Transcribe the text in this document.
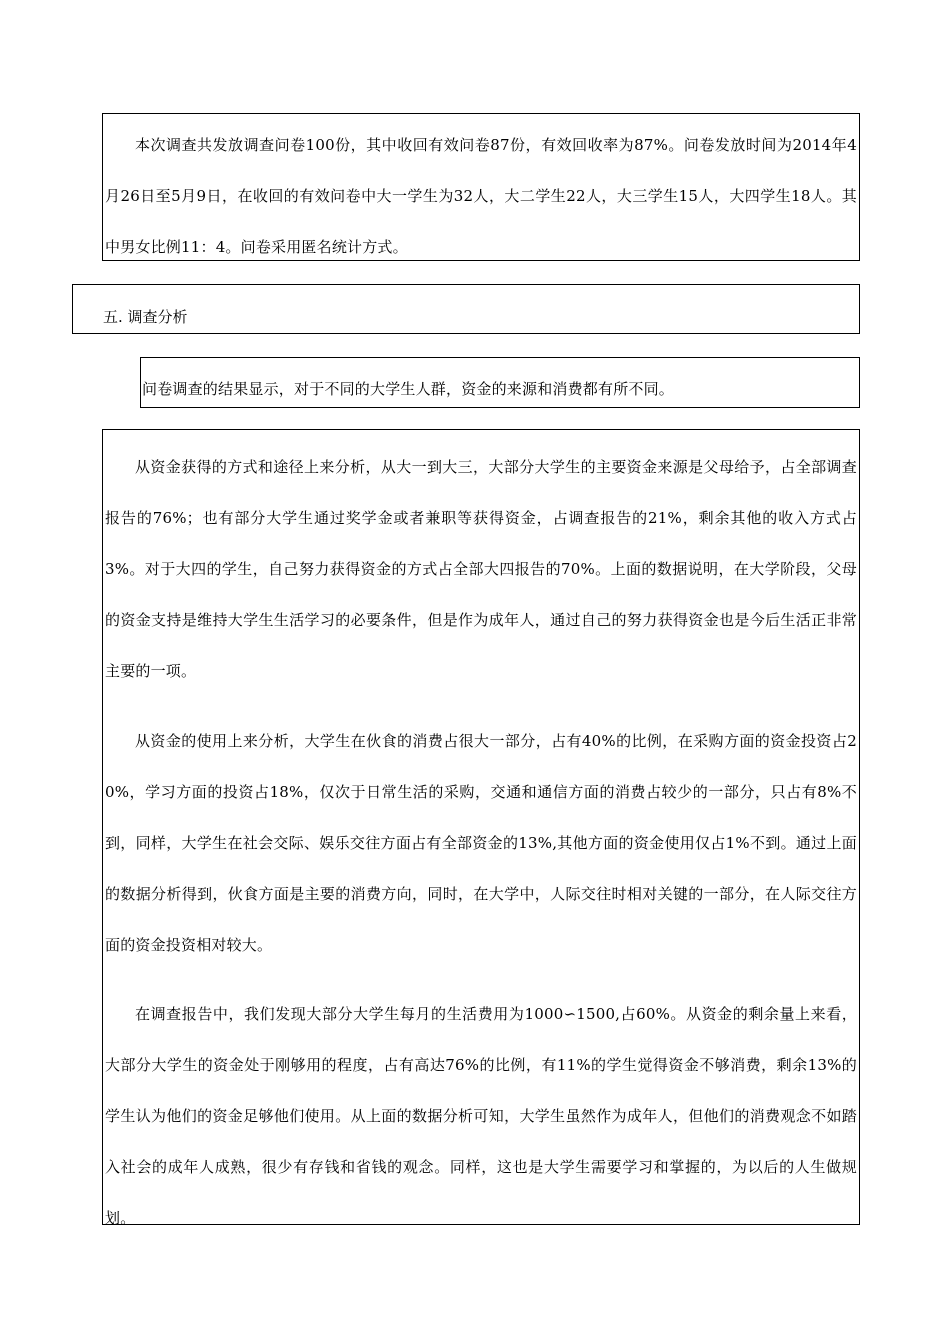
本次调查共发放调查问卷100份，其中收回有效问卷87份，有效回收率为87%。问卷发放时间为2014年4月26日至5月9日，在收回的有效问卷中大一学生为32人，大二学生22人，大三学生15人，大四学生18人。其中男女比例11：4。问卷采用匿名统计方式。

五. 调查分析

问卷调查的结果显示，对于不同的大学生人群，资金的来源和消费都有所不同。

从资金获得的方式和途径上来分析，从大一到大三，大部分大学生的主要资金来源是父母给予，占全部调查报告的76%；也有部分大学生通过奖学金或者兼职等获得资金，占调查报告的21%，剩余其他的收入方式占3%。对于大四的学生，自己努力获得资金的方式占全部大四报告的70%。上面的数据说明，在大学阶段，父母的资金支持是维持大学生生活学习的必要条件，但是作为成年人，通过自己的努力获得资金也是今后生活正非常主要的一项。

从资金的使用上来分析，大学生在伙食的消费占很大一部分，占有40%的比例，在采购方面的资金投资占20%，学习方面的投资占18%，仅次于日常生活的采购，交通和通信方面的消费占较少的一部分，只占有8%不到，同样，大学生在社会交际、娱乐交往方面占有全部资金的13%,其他方面的资金使用仅占1%不到。通过上面的数据分析得到，伙食方面是主要的消费方向，同时，在大学中，人际交往时相对关键的一部分，在人际交往方面的资金投资相对较大。

在调查报告中，我们发现大部分大学生每月的生活费用为1000∽1500,占60%。从资金的剩余量上来看，大部分大学生的资金处于刚够用的程度，占有高达76%的比例，有11%的学生觉得资金不够消费，剩余13%的学生认为他们的资金足够他们使用。从上面的数据分析可知，大学生虽然作为成年人，但他们的消费观念不如踏入社会的成年人成熟，很少有存钱和省钱的观念。同样，这也是大学生需要学习和掌握的，为以后的人生做规划。
